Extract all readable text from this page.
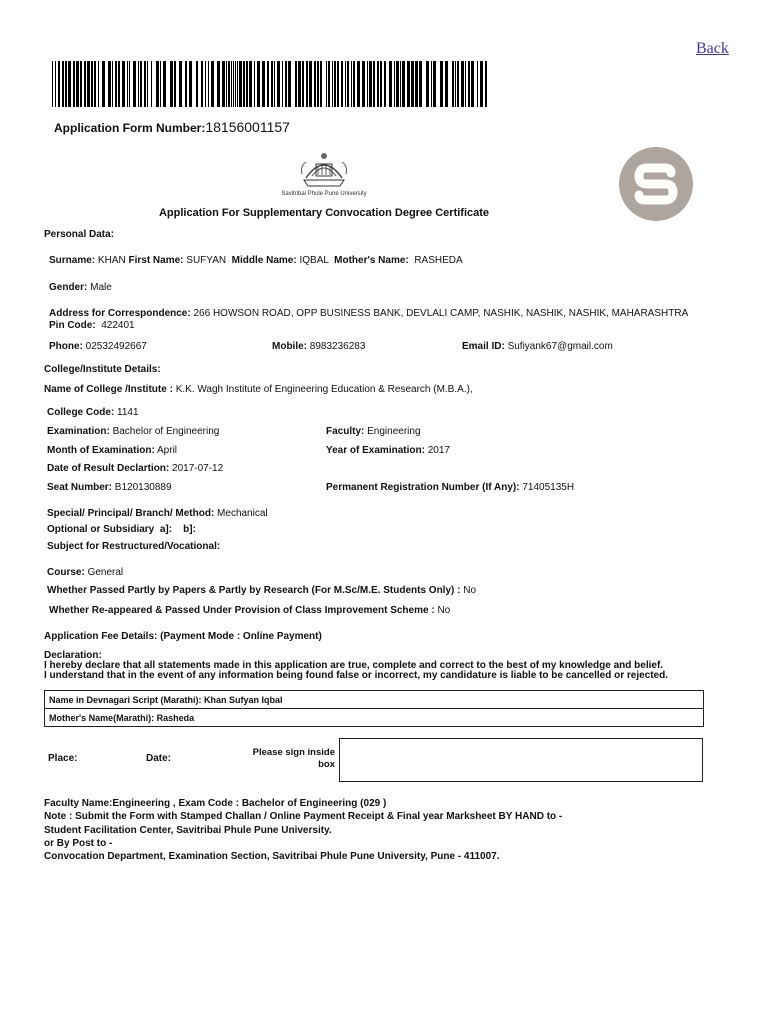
Back
Application Form Number:18156001157
Savitribai Phule Pune University
Application For Supplementary Convocation Degree Certificate
Personal Data:
Surname: KHAN First Name: SUFYAN Middle Name: IQBAL Mother's Name: RASHEDA
Gender: Male
Address for Correspondence: 266 HOWSON ROAD, OPP BUSINESS BANK, DEVLALI CAMP, NASHIK, NASHIK, NASHIK, MAHARASHTRA
Pin Code: 422401
Phone: 02532492667	Mobile: 8983236283	Email ID: Sufiyank67@gmail.com
College/Institute Details:
Name of College /Institute : K.K. Wagh Institute of Engineering Education & Research (M.B.A.),
College Code: 1141
Examination: Bachelor of Engineering	Faculty: Engineering
Month of Examination: April	Year of Examination: 2017
Date of Result Declartion: 2017-07-12
Seat Number: B120130889	Permanent Registration Number (If Any): 71405135H
Special/ Principal/ Branch/ Method: Mechanical
Optional or Subsidiary a]: b]:
Subject for Restructured/Vocational:
Course: General
Whether Passed Partly by Papers & Partly by Research (For M.Sc/M.E. Students Only) : No
Whether Re-appeared & Passed Under Provision of Class Improvement Scheme : No
Application Fee Details: (Payment Mode : Online Payment)
Declaration:
I hereby declare that all statements made in this application are true, complete and correct to the best of my knowledge and belief.
I understand that in the event of any information being found false or incorrect, my candidature is liable to be cancelled or rejected.
Name in Devnagari Script (Marathi): Khan Sufyan Iqbal
Mother's Name(Marathi): Rasheda
Place:	Date:
Please sign inside
box
Faculty Name:Engineering , Exam Code : Bachelor of Engineering (029 )
Note : Submit the Form with Stamped Challan / Online Payment Receipt & Final year Marksheet BY HAND to -
Student Facilitation Center, Savitribai Phule Pune University.
or By Post to -
Convocation Department, Examination Section, Savitribai Phule Pune University, Pune - 411007.
